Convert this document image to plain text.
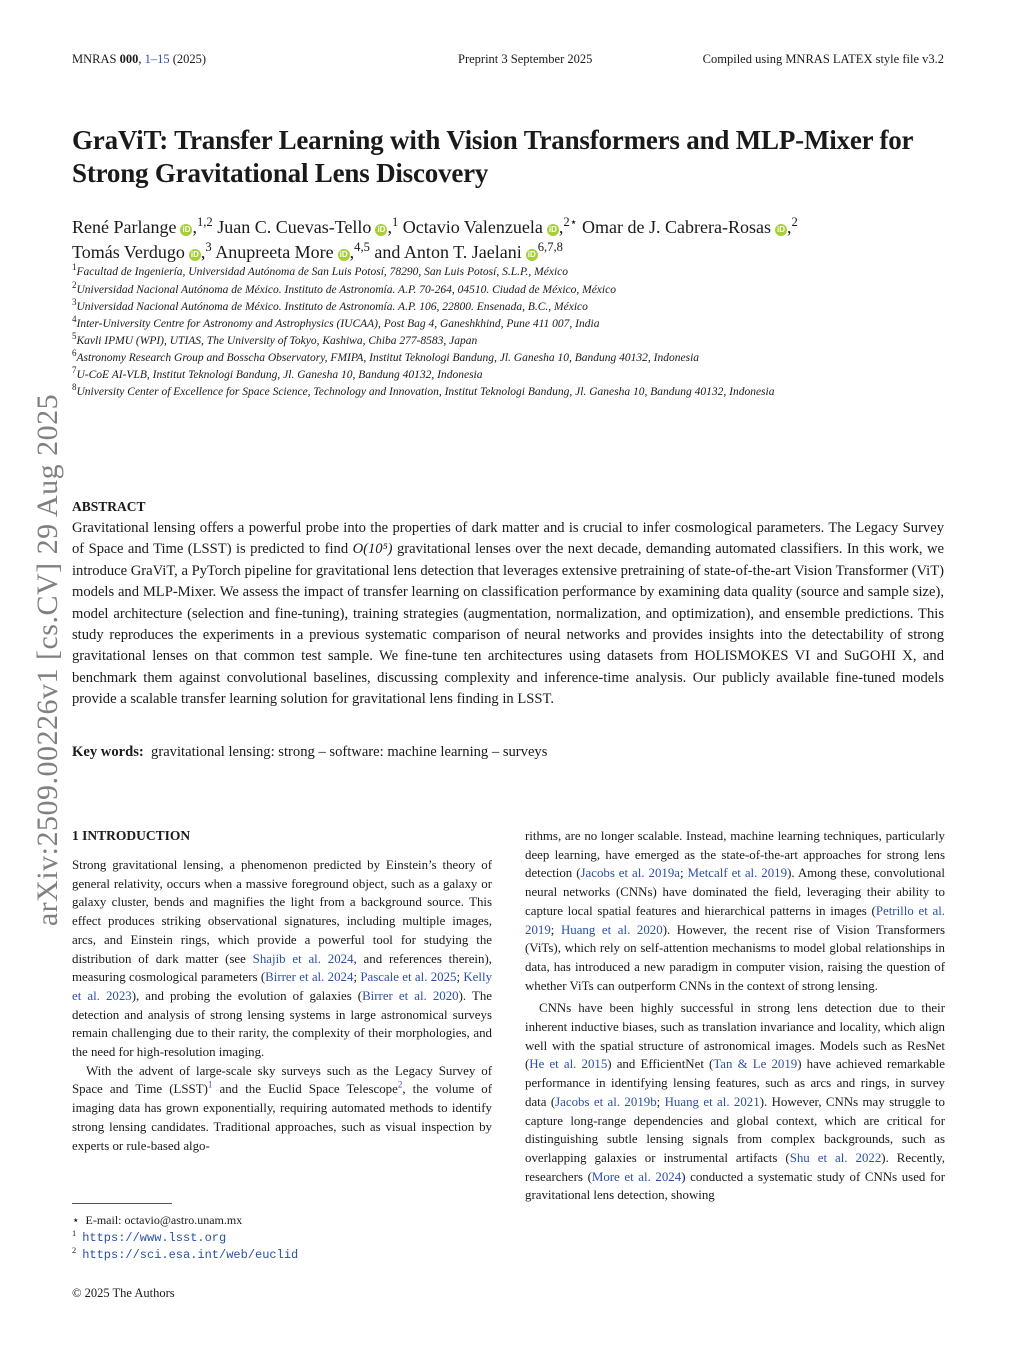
MNRAS 000, 1–15 (2025)	Preprint 3 September 2025	Compiled using MNRAS LATEX style file v3.2
GraViT: Transfer Learning with Vision Transformers and MLP-Mixer for Strong Gravitational Lens Discovery
René Parlange iD ,$^{1,2}$ Juan C. Cuevas-Tello iD ,$^1$ Octavio Valenzuela iD ,$^{2⋆}$ Omar de J. Cabrera-Rosas iD ,$^2$
Tomás Verdugo iD ,$^3$ Anupreeta More iD ,$^{4,5}$ and Anton T. Jaelani iD$^{6,7,8}$
$^1$Facultad de Ingeniería, Universidad Autónoma de San Luis Potosí, 78290, San Luis Potosí, S.L.P., México
$^2$Universidad Nacional Autónoma de México. Instituto de Astronomía. A.P. 70-264, 04510. Ciudad de México, México
$^3$Universidad Nacional Autónoma de México. Instituto de Astronomía. A.P. 106, 22800. Ensenada, B.C., México
$^4$Inter-University Centre for Astronomy and Astrophysics (IUCAA), Post Bag 4, Ganeshkhind, Pune 411 007, India
$^5$Kavli IPMU (WPI), UTIAS, The University of Tokyo, Kashiwa, Chiba 277-8583, Japan
$^6$Astronomy Research Group and Bosscha Observatory, FMIPA, Institut Teknologi Bandung, Jl. Ganesha 10, Bandung 40132, Indonesia
$^7$U-CoE AI-VLB, Institut Teknologi Bandung, Jl. Ganesha 10, Bandung 40132, Indonesia
$^8$University Center of Excellence for Space Science, Technology and Innovation, Institut Teknologi Bandung, Jl. Ganesha 10, Bandung 40132, Indonesia
arXiv:2509.00226v1 [cs.CV] 29 Aug 2025 ABSTRACT
Gravitational lensing offers a powerful probe into the properties of dark matter and is crucial to infer cosmological parameters. The Legacy Survey of Space and Time (LSST) is predicted to find O(10⁵) gravitational lenses over the next decade, demanding automated classifiers. In this work, we introduce GraViT, a PyTorch pipeline for gravitational lens detection that leverages extensive pretraining of state-of-the-art Vision Transformer (ViT) models and MLP-Mixer. We assess the impact of transfer learning on classification performance by examining data quality (source and sample size), model architecture (selection and fine-tuning), training strategies (augmentation, normalization, and optimization), and ensemble predictions. This study reproduces the experiments in a previous systematic comparison of neural networks and provides insights into the detectability of strong gravitational lenses on that common test sample. We fine-tune ten architectures using datasets from HOLISMOKES VI and SuGOHI X, and benchmark them against convolutional baselines, discussing complexity and inference-time analysis. Our publicly available fine-tuned models provide a scalable transfer learning solution for gravitational lens finding in LSST.
Key words: gravitational lensing: strong – software: machine learning – surveys
1 INTRODUCTION

Strong gravitational lensing, a phenomenon predicted by Einstein’s theory of general relativity, occurs when a massive foreground object, such as a galaxy or galaxy cluster, bends and magnifies the light from a background source. This effect produces striking observational signatures, including multiple images, arcs, and Einstein rings, which provide a powerful tool for studying the distribution of dark matter (see Shajib et al. 2024, and references therein), measuring cosmological parameters (Birrer et al. 2024; Pascale et al. 2025; Kelly et al. 2023), and probing the evolution of galaxies (Birrer et al. 2020). The detection and analysis of strong lensing systems in large astronomical surveys remain challenging due to their rarity, the complexity of their morphologies, and the need for high-resolution imaging.

With the advent of large-scale sky surveys such as the Legacy Survey of Space and Time (LSST)$^1$ and the Euclid Space Telescope$^2$, the volume of imaging data has grown exponentially, requiring automated methods to identify strong lensing candidates. Traditional approaches, such as visual inspection by experts or rule-based algo-

rithms, are no longer scalable. Instead, machine learning techniques, particularly deep learning, have emerged as the state-of-the-art approaches for strong lens detection (Jacobs et al. 2019a; Metcalf et al. 2019). Among these, convolutional neural networks (CNNs) have dominated the field, leveraging their ability to capture local spatial features and hierarchical patterns in images (Petrillo et al. 2019; Huang et al. 2020). However, the recent rise of Vision Transformers (ViTs), which rely on self-attention mechanisms to model global relationships in data, has introduced a new paradigm in computer vision, raising the question of whether ViTs can outperform CNNs in the context of strong lensing.

CNNs have been highly successful in strong lens detection due to their inherent inductive biases, such as translation invariance and locality, which align well with the spatial structure of astronomical images. Models such as ResNet (He et al. 2015) and EfficientNet (Tan & Le 2019) have achieved remarkable performance in identifying lensing features, such as arcs and rings, in survey data (Jacobs et al. 2019b; Huang et al. 2021). However, CNNs may struggle to capture long-range dependencies and global context, which are critical for distinguishing subtle lensing signals from complex backgrounds, such as overlapping galaxies or instrumental artifacts (Shu et al. 2022). Recently, researchers (More et al. 2024) conducted a systematic study of CNNs used for gravitational lens detection, showing

⋆ E-mail: octavio@astro.unam.mx
$^1$ https://www.lsst.org
$^2$ https://sci.esa.int/web/euclid
© 2025 The Authors
